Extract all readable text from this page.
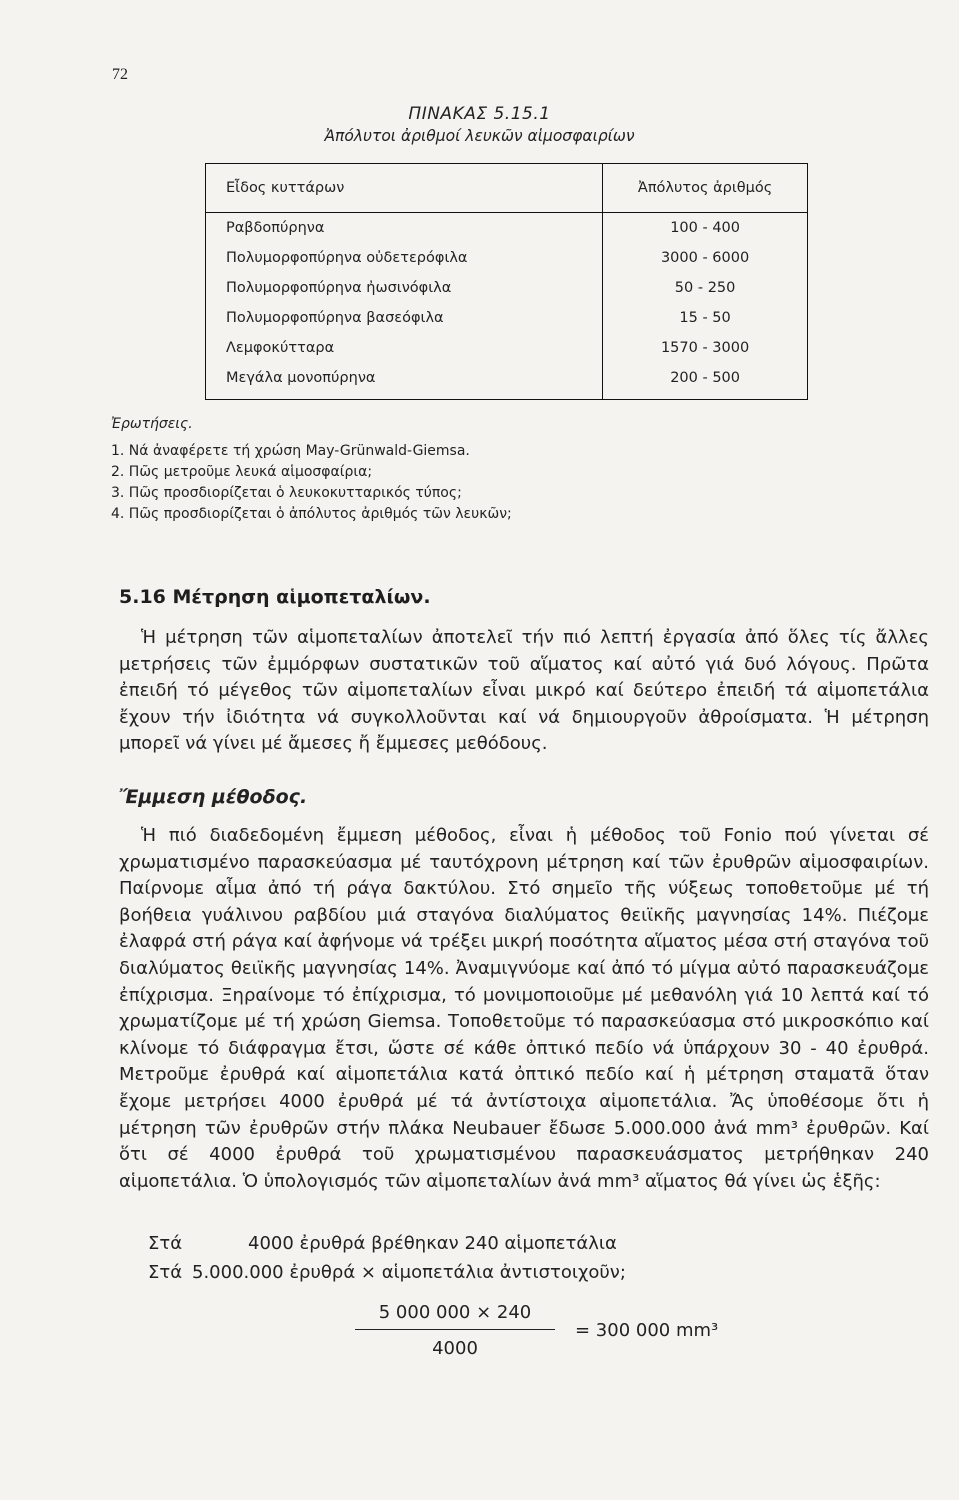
72
ΠΙΝΑΚΑΣ 5.15.1
Ἀπόλυτοι ἀριθμοί λευκῶν αἱμοσφαιρίων
Εἶδος κυττάρων	Ἀπόλυτος ἀριθμός
Ραβδοπύρηνα	100 - 400
Πολυμορφοπύρηνα οὐδετερόφιλα	3000 - 6000
Πολυμορφοπύρηνα ἠωσινόφιλα	50 - 250
Πολυμορφοπύρηνα βασεόφιλα	15 - 50
Λεμφοκύτταρα	1570 - 3000
Μεγάλα μονοπύρηνα	200 - 500
Ἐρωτήσεις.
1. Νά ἀναφέρετε τή χρώση May-Grünwald-Giemsa.
2. Πῶς μετροῦμε λευκά αἱμοσφαίρια;
3. Πῶς προσδιορίζεται ὁ λευκοκυτταρικός τύπος;
4. Πῶς προσδιορίζεται ὁ ἀπόλυτος ἀριθμός τῶν λευκῶν;
5.16 Μέτρηση αἱμοπεταλίων.

Ἡ μέτρηση τῶν αἱμοπεταλίων ἀποτελεῖ τήν πιό λεπτή ἐργασία ἀπό ὅλες τίς ἄλλες μετρήσεις τῶν ἐμμόρφων συστατικῶν τοῦ αἵματος καί αὐτό γιά δυό λόγους. Πρῶτα ἐπειδή τό μέγεθος τῶν αἱμοπεταλίων εἶναι μικρό καί δεύτερο ἐπειδή τά αἱμοπετάλια ἔχουν τήν ἰδιότητα νά συγκολλοῦνται καί νά δημιουργοῦν ἀθροίσματα. Ἡ μέτρηση μπορεῖ νά γίνει μέ ἄμεσες ἤ ἔμμεσες μεθόδους.

Ἔμμεση μέθοδος.

Ἡ πιό διαδεδομένη ἔμμεση μέθοδος, εἶναι ἡ μέθοδος τοῦ Fonio πού γίνεται σέ χρωματισμένο παρασκεύασμα μέ ταυτόχρονη μέτρηση καί τῶν ἐρυθρῶν αἱμοσφαιρίων. Παίρνομε αἷμα ἀπό τή ράγα δακτύλου. Στό σημεῖο τῆς νύξεως τοποθετοῦμε μέ τή βοήθεια γυάλινου ραβδίου μιά σταγόνα διαλύματος θειϊκῆς μαγνησίας 14%. Πιέζομε ἐλαφρά στή ράγα καί ἀφήνομε νά τρέξει μικρή ποσότητα αἵματος μέσα στή σταγόνα τοῦ διαλύματος θειϊκῆς μαγνησίας 14%. Ἀναμιγνύομε καί ἀπό τό μίγμα αὐτό παρασκευάζομε ἐπίχρισμα. Ξηραίνομε τό ἐπίχρισμα, τό μονιμοποιοῦμε μέ μεθανόλη γιά 10 λεπτά καί τό χρωματίζομε μέ τή χρώση Giemsa. Τοποθετοῦμε τό παρασκεύασμα στό μικροσκόπιο καί κλίνομε τό διάφραγμα ἔτσι, ὥστε σέ κάθε ὀπτικό πεδίο νά ὑπάρχουν 30 - 40 ἐρυθρά. Μετροῦμε ἐρυθρά καί αἱμοπετάλια κατά ὀπτικό πεδίο καί ἡ μέτρηση σταματᾶ ὅταν ἔχομε μετρήσει 4000 ἐρυθρά μέ τά ἀντίστοιχα αἱμοπετάλια. Ἄς ὑποθέσομε ὅτι ἡ μέτρηση τῶν ἐρυθρῶν στήν πλάκα Neubauer ἔδωσε 5.000.000 ἀνά mm³ ἐρυθρῶν. Καί ὅτι σέ 4000 ἐρυθρά τοῦ χρωματισμένου παρασκευάσματος μετρήθηκαν 240 αἱμοπετάλια. Ὁ ὑπολογισμός τῶν αἱμοπεταλίων ἀνά mm³ αἵματος θά γίνει ὡς ἑξῆς:

Στά	4000 ἐρυθρά βρέθηκαν 240 αἱμοπετάλια
Στά 5.000.000 ἐρυθρά × αἱμοπετάλια ἀντιστοιχοῦν;
$\frac{5 000 000 \times 240}{4000} = 300$ 000 mm³
